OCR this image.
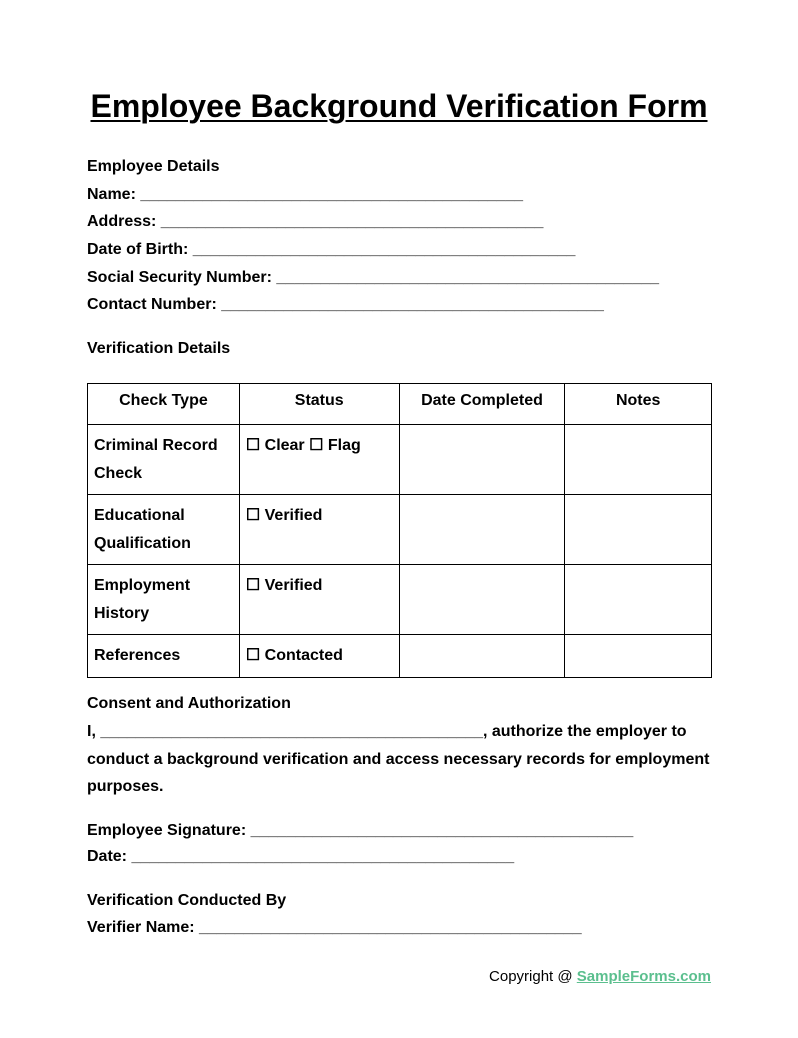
Employee Background Verification Form
Employee Details
Name: ___________________________________________
Address: ___________________________________________
Date of Birth: ___________________________________________
Social Security Number: ___________________________________________
Contact Number: ___________________________________________
Verification Details
Check Type	Status	Date Completed	Notes
Criminal Record Check	☐ Clear ☐ Flag		
Educational Qualification	☐ Verified		
Employment History	☐ Verified		
References	☐ Contacted		
Consent and Authorization
I, ___________________________________________, authorize the employer to conduct a background verification and access necessary records for employment purposes.
Employee Signature: ___________________________________________
Date: ___________________________________________
Verification Conducted By
Verifier Name: ___________________________________________
Copyright @ SampleForms.com
